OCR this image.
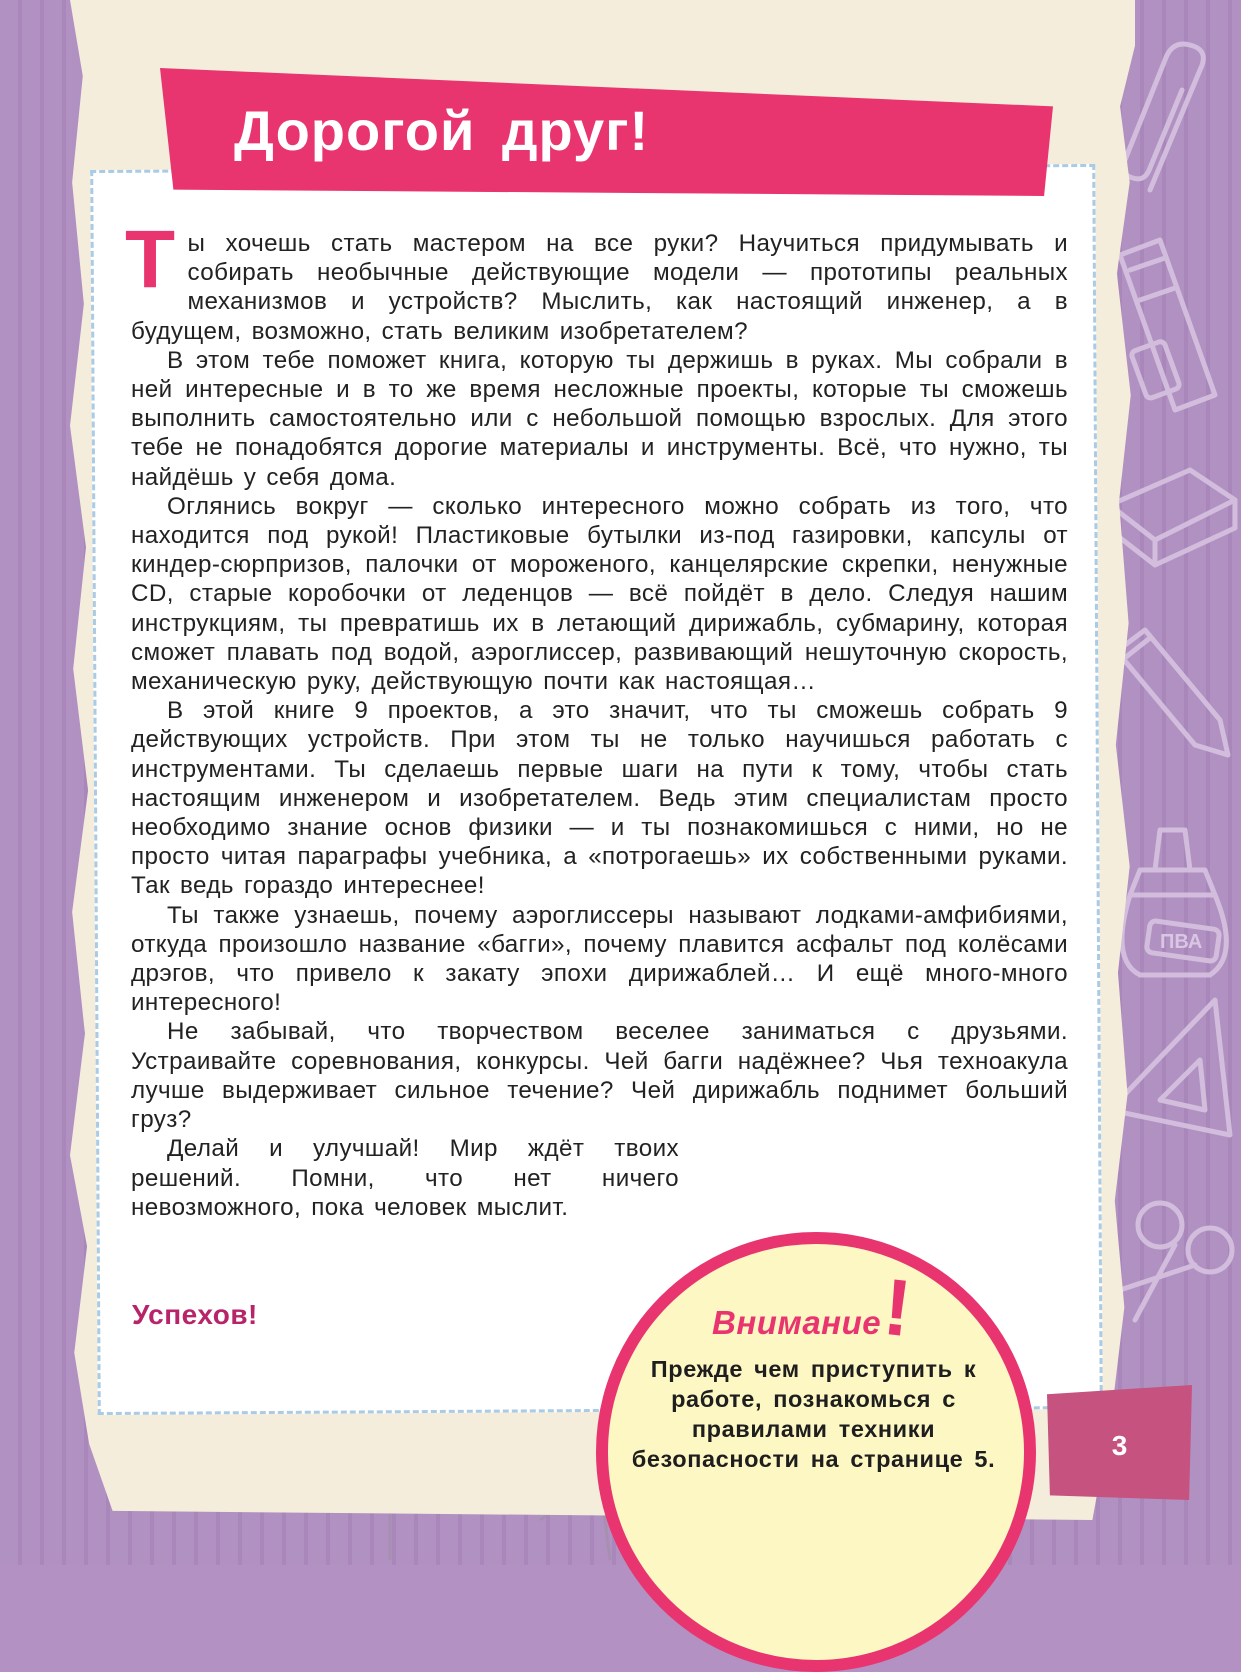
ПВА
Дорогой друг!

Ты хочешь стать мастером на все руки? Научиться придумывать и собирать необычные действующие модели — прототипы реальных механизмов и устройств? Мыслить, как настоящий инженер, а в будущем, возможно, стать великим изобретателем?

В этом тебе поможет книга, которую ты держишь в руках. Мы собрали в ней интересные и в то же время несложные проекты, которые ты сможешь выполнить самостоятельно или с небольшой помощью взрослых. Для этого тебе не понадобятся дорогие материалы и инструменты. Всё, что нужно, ты найдёшь у себя дома.

Оглянись вокруг — сколько интересного можно собрать из того, что находится под рукой! Пластиковые бутылки из-под газировки, капсулы от киндер-сюрпризов, палочки от мороженого, канцелярские скрепки, ненужные CD, старые коробочки от леденцов — всё пойдёт в дело. Следуя нашим инструкциям, ты превратишь их в летающий дирижабль, субмарину, которая сможет плавать под водой, аэроглиссер, развивающий нешуточную скорость, механическую руку, действующую почти как настоящая…

В этой книге 9 проектов, а это значит, что ты сможешь собрать 9 действующих устройств. При этом ты не только научишься работать с инструментами. Ты сделаешь первые шаги на пути к тому, чтобы стать настоящим инженером и изобретателем. Ведь этим специалистам просто необходимо знание основ физики — и ты познакомишься с ними, но не просто читая параграфы учебника, а «потрогаешь» их собственными руками. Так ведь гораздо интереснее!

Ты также узнаешь, почему аэроглиссеры называют лодками-амфибиями, откуда произошло название «багги», почему плавится асфальт под колёсами дрэгов, что привело к закату эпохи дирижаблей… И ещё много-много интересного!

Не забывай, что творчеством веселее заниматься с друзьями. Устраивайте соревнования, конкурсы. Чей багги надёжнее? Чья техноакула лучше выдерживает сильное течение? Чей дирижабль поднимет больший груз?

Делай и улучшай! Мир ждёт твоих решений. Помни, что нет ничего невозможного, пока человек мыслит.

Успехов!	Внимание
!
Прежде чем приступить к работе, познакомься с правилами техники безопасности на странице 5.	3
